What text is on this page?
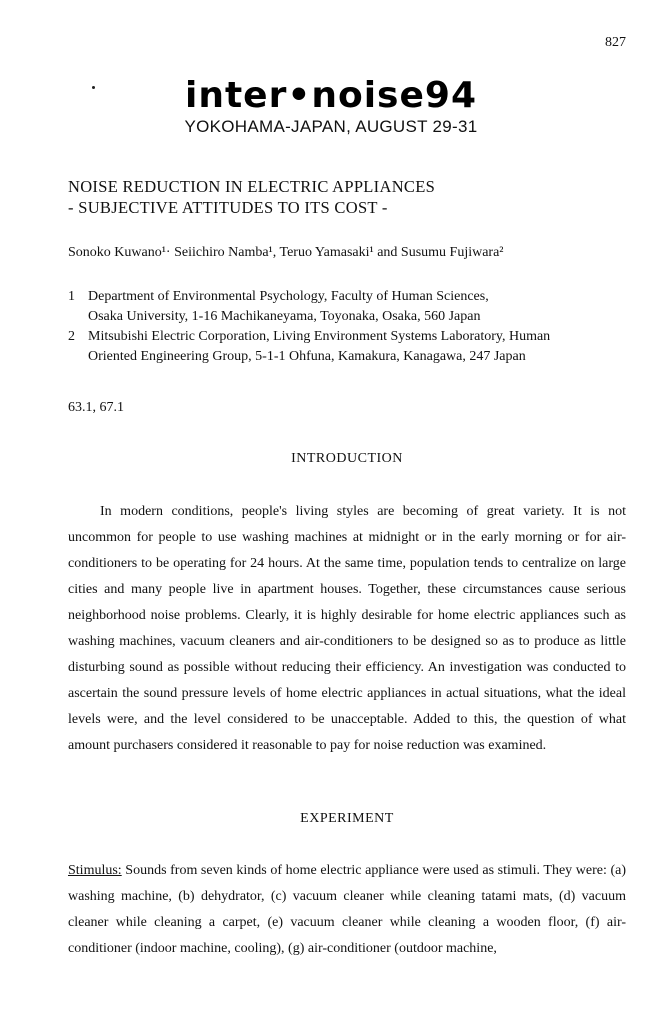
827
inter•noise94
YOKOHAMA-JAPAN, AUGUST 29-31
NOISE REDUCTION IN ELECTRIC APPLIANCES
- SUBJECTIVE ATTITUDES TO ITS COST -
Sonoko Kuwano¹· Seiichiro Namba¹, Teruo Yamasaki¹ and Susumu Fujiwara²
1 Department of Environmental Psychology, Faculty of Human Sciences,
Osaka University, 1-16 Machikaneyama, Toyonaka, Osaka, 560 Japan
2 Mitsubishi Electric Corporation, Living Environment Systems Laboratory, Human
Oriented Engineering Group, 5-1-1 Ohfuna, Kamakura, Kanagawa, 247 Japan
63.1, 67.1
INTRODUCTION
In modern conditions, people's living styles are becoming of great variety. It is not uncommon for people to use washing machines at midnight or in the early morning or for air-conditioners to be operating for 24 hours. At the same time, population tends to centralize on large cities and many people live in apartment houses. Together, these circumstances cause serious neighborhood noise problems. Clearly, it is highly desirable for home electric appliances such as washing machines, vacuum cleaners and air-conditioners to be designed so as to produce as little disturbing sound as possible without reducing their efficiency. An investigation was conducted to ascertain the sound pressure levels of home electric appliances in actual situations, what the ideal levels were, and the level considered to be unacceptable. Added to this, the question of what amount purchasers considered it reasonable to pay for noise reduction was examined.
EXPERIMENT
Stimulus: Sounds from seven kinds of home electric appliance were used as stimuli. They were: (a) washing machine, (b) dehydrator, (c) vacuum cleaner while cleaning tatami mats, (d) vacuum cleaner while cleaning a carpet, (e) vacuum cleaner while cleaning a wooden floor, (f) air-conditioner (indoor machine, cooling), (g) air-conditioner (outdoor machine,
